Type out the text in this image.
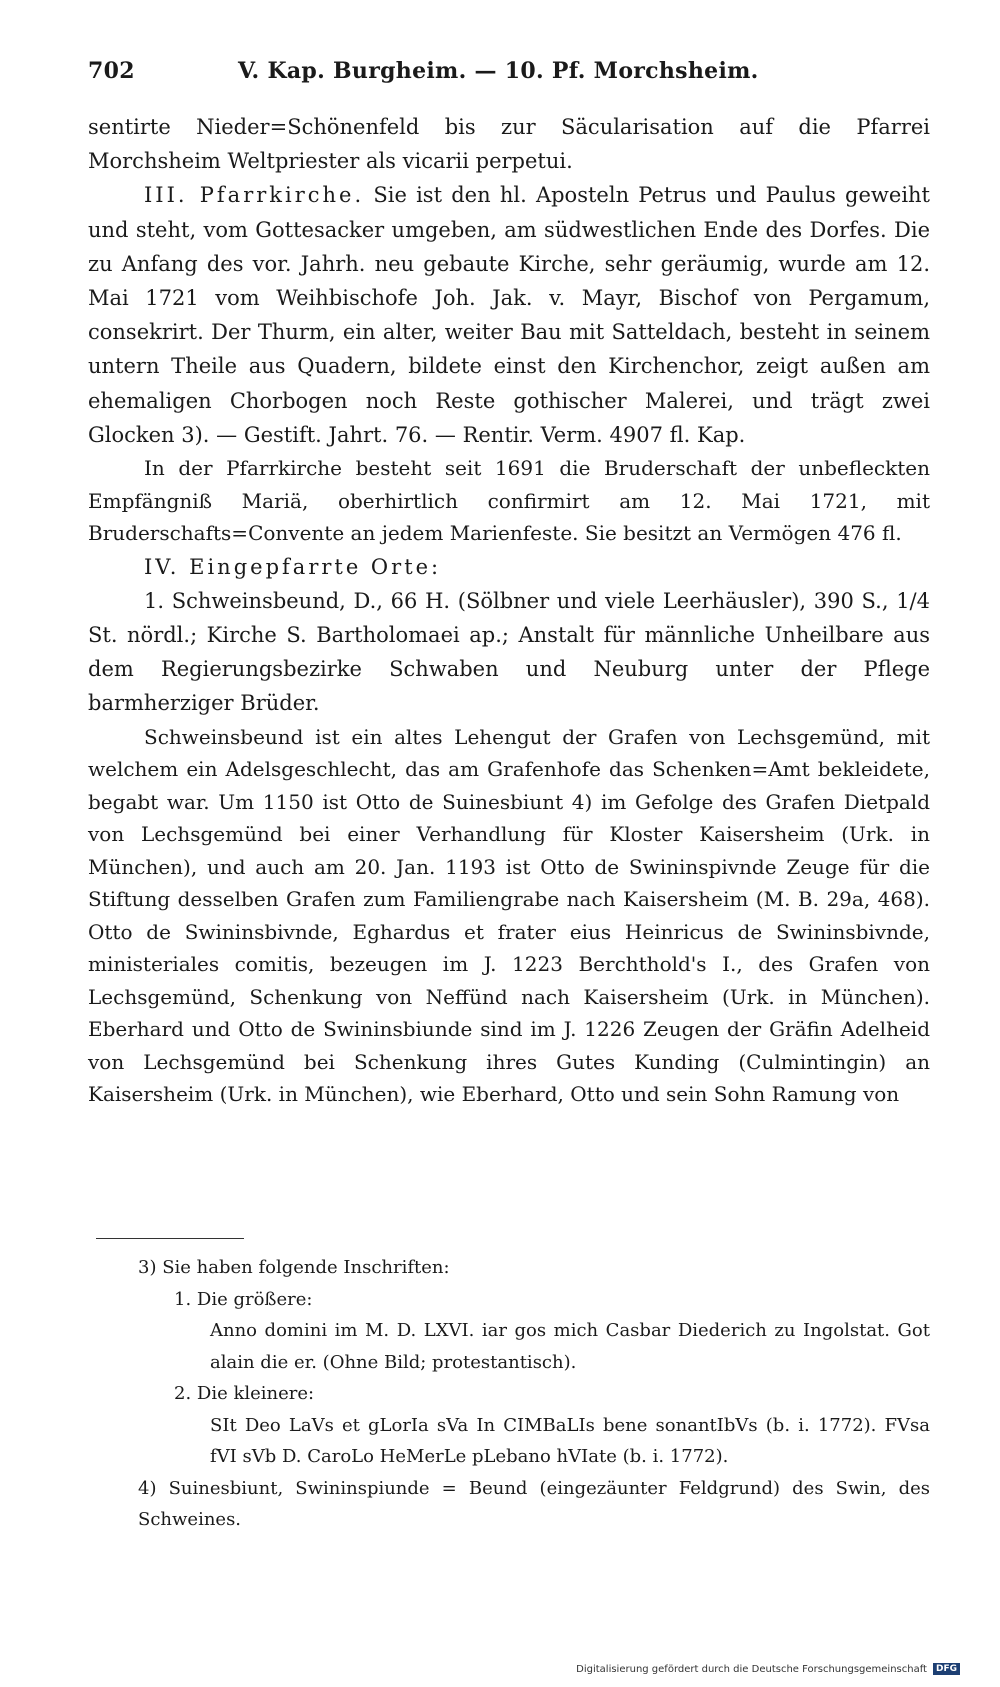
702	V. Kap. Burgheim. — 10. Pf. Morchsheim.

sentirte Nieder=Schönenfeld bis zur Säcularisation auf die Pfarrei Morchsheim Weltpriester als vicarii perpetui.

III. Pfarrkirche. Sie ist den hl. Aposteln Petrus und Paulus geweiht und steht, vom Gottesacker umgeben, am südwestlichen Ende des Dorfes. Die zu Anfang des vor. Jahrh. neu gebaute Kirche, sehr geräumig, wurde am 12. Mai 1721 vom Weihbischofe Joh. Jak. v. Mayr, Bischof von Pergamum, consekrirt. Der Thurm, ein alter, weiter Bau mit Satteldach, besteht in seinem untern Theile aus Quadern, bildete einst den Kirchenchor, zeigt außen am ehemaligen Chorbogen noch Reste gothischer Malerei, und trägt zwei Glocken 3). — Gestift. Jahrt. 76. — Rentir. Verm. 4907 fl. Kap.

In der Pfarrkirche besteht seit 1691 die Bruderschaft der unbefleckten Empfängniß Mariä, oberhirtlich confirmirt am 12. Mai 1721, mit Bruderschafts=Convente an jedem Marienfeste. Sie besitzt an Vermögen 476 fl.

IV. Eingepfarrte Orte:

1. Schweinsbeund, D., 66 H. (Sölbner und viele Leerhäusler), 390 S., 1/4 St. nördl.; Kirche S. Bartholomaei ap.; Anstalt für männliche Unheilbare aus dem Regierungsbezirke Schwaben und Neuburg unter der Pflege barmherziger Brüder.

Schweinsbeund ist ein altes Lehengut der Grafen von Lechsgemünd, mit welchem ein Adelsgeschlecht, das am Grafenhofe das Schenken=Amt bekleidete, begabt war. Um 1150 ist Otto de Suinesbiunt 4) im Gefolge des Grafen Dietpald von Lechsgemünd bei einer Verhandlung für Kloster Kaisersheim (Urk. in München), und auch am 20. Jan. 1193 ist Otto de Swininspivnde Zeuge für die Stiftung desselben Grafen zum Familiengrabe nach Kaisersheim (M. B. 29a, 468). Otto de Swininsbivnde, Eghardus et frater eius Heinricus de Swininsbivnde, ministeriales comitis, bezeugen im J. 1223 Berchthold's I., des Grafen von Lechsgemünd, Schenkung von Neffünd nach Kaisersheim (Urk. in München). Eberhard und Otto de Swininsbiunde sind im J. 1226 Zeugen der Gräfin Adelheid von Lechsgemünd bei Schenkung ihres Gutes Kunding (Culmintingin) an Kaisersheim (Urk. in München), wie Eberhard, Otto und sein Sohn Ramung von

3) Sie haben folgende Inschriften:

1. Die größere:

Anno domini im M. D. LXVI. iar gos mich Casbar Diederich zu Ingolstat. Got alain die er. (Ohne Bild; protestantisch).

2. Die kleinere:

SIt Deo LaVs et gLorIa sVa In CIMBaLIs bene sonantIbVs (b. i. 1772). FVsa fVI sVb D. CaroLo HeMerLe pLebano hVIate (b. i. 1772).

4) Suinesbiunt, Swininspiunde = Beund (eingezäunter Feldgrund) des Swin, des Schweines.

Digitalisierung gefördert durch die Deutsche Forschungsgemeinschaft	DFG
